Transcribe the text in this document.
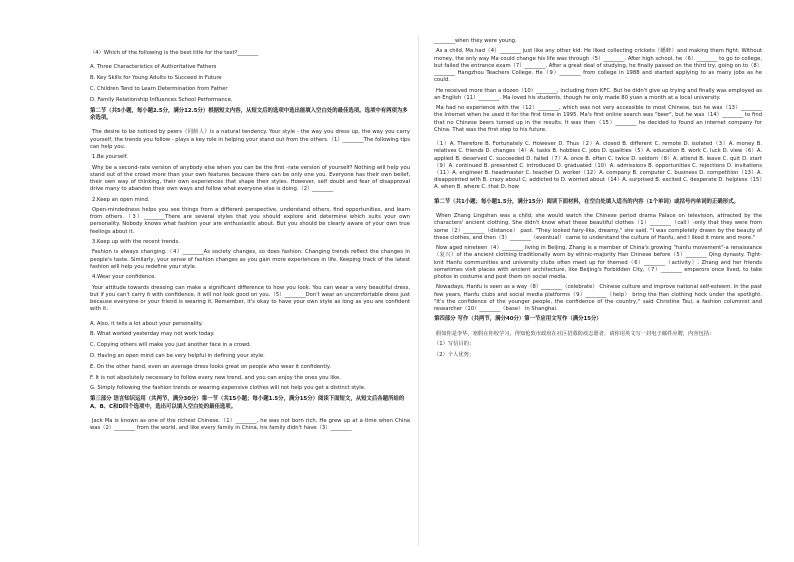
（4）Which of the following is the best title for the text?________

A. Three Characteristics of Authoritative Fathers

B. Key Skills for Young Adults to Succeed in Future

C. Children Tend to Learn Determination from Father

D. Family Relationship Influences School Performance．

第二节（共5小题，每小题2.5分，满分12.5分）根据短文内容，从短文后的选项中选出能填入空白处的最佳选项。选项中有两项为多余选项。

The desire to be noticed by peers（同龄人）is a natural tendency. Your style - the way you dress up, the way you carry yourself, the trends you follow - plays a key role in helping your stand out from the others.（1）________The following tips can help you.

1.Be yourself.

Why be a second-rate version of anybody else when you can be the first -rate version of yourself? Nothing will help you stand out of the crowd more than your own features because there can be only one you. Everyone has their own belief, their own way of thinking, their own experiences that shape their styles. However, self doubt and fear of disapproval drive many to abandon their own ways and follow what everyone else is doing.（2）________

2.Keep an open mind.

Open-mindedness helps you see things from a different perspective, understand others, find opportunities, and learn from others.（3）________There are several styles that you should explore and determine which suits your own personality. Nobody knows what fashion your are enthusiastic about. But you should be clearly aware of your own true feelings about it.

3.Keep up with the recent trends.

Fashion is always changing.（4）________As society changes, so does fashion. Changing trends reflect the changes in people's taste. Similarly, your sense of fashion changes as you gain more experiences in life. Keeping track of the latest fashion will help you redefine your style.

4.Wear your confidence.

Your attitude towards dressing can make a significant difference to how you look. You can wear a very beautiful dress, but if you can't carry it with confidence, it will not look good on you.（5）________Don't wear an uncomfortable dress just because everyone or your friend is wearing it. Remember, it's okay to have your own style as long as you are confident with it.

A. Also, it tells a lot about your personality.

B. What worked yesterday may not work today.

C. Copying others will make you just another face in a crowd.

D. Having an open mind can be very helpful in defining your style.

E. On the other hand, even an average dress looks great on people who wear it confidently.

F. It is not absolutely necessary to follow every new trend, and you can enjoy the ones you like.

G. Simply following the fashion trends or wearing expensive clothes will not help you get a distinct style.

第三部分 语言知识运用（共两节，满分30分）第一节（共15小题；每小题1.5分，满分15分）阅读下面短文，从短文后各题所给的A、B、C和D四个选项中，选出可以填入空白处的最佳选项。

Jack Ma is known as one of the richest Chinese.（1）________, he was not born rich. He grew up at a time when China was（2）________ from the world, and like every family in China, his family didn't have（3）________

________when they were young.

As a child, Ma had（4）________ just like any other kid. He liked collecting crickets（蟋蟀）and making them fight. Without money, the only way Ma could change his life was through（5）________. After high school, he（6）________ to go to college, but failed the entrance exam（7）________. After a great deal of studying, he finally passed on the third try, going on to（8）________ Hangzhou Teachers College. He（9）________ from college in 1988 and started applying to as many jobs as he could.

He received more than a dozen（10）________, including from KFC. But he didn't give up trying and finally was employed as an English（11）________. Ma loved his students, though he only made 80 yuan a month at a local university.

Ma had no experience with the（12）________, which was not very accessible to most Chinese, but he was（13）________ the Internet when he used it for the first time in 1995. Ma's first online search was "beer", but he was（14）________ to find that no Chinese beers turned up in the results. It was then（15）________ he decided to found an internet company for China. That was the first step to his future.

（1）A. Therefore B. Fortunately C. However D. Thus（2）A. closed B. different C. remote D. isolated（3）A. money B. relatives C. friends D. changes（4）A. tasks B. hobbies C. jobs D. qualities（5）A. education B. work C. luck D. view（6）A. applied B. deserved C. succeeded D. failed（7）A. once B. often C. twice D. seldom（8）A. attend B. leave C. quit D. start（9）A. continued B. presented C. introduced D. graduated（10）A. admissions B. opportunities C. rejections D. invitations（11）A. engineer B. headmaster C. teacher D. worker（12）A. company B. computer C. business D. competition（13）A. disappointed with B. crazy about C. addicted to D. worried about（14）A. surprised B. excited C. desperate D. helpless（15）A. when B. where C. that D. how

第二节（共1小题；每小题1.5分，满分15分）阅读下面材料，在空白处填入适当的内容（1个单词）或括号内单词的正确形式。

When Zhang Lingshan was a child, she would watch the Chinese period drama Palace on television, attracted by the characters' ancient clothing. She didn't know what these beautiful clothes（1）________（call）-only that they were from some（2）________（distance） past. "They looked fairy-like, dreamy," she said. "I was completely drawn by the beauty of these clothes, and then（3）________（eventual） came to understand the culture of Hanfu, and I liked it more and more."

Now aged nineteen（4）________ living in Beijing, Zhang is a member of China's growing "hanfu movement"-a renaissance（复兴）of the ancient clothing traditionally worn by ethnic-majority Han Chinese before（5）________ Qing dynasty. Tight-knit Hanfu communities and university clubs often meet up for themed（6）________（activity）. Zhang and her friends sometimes visit places with ancient architecture, like Beijing's Forbidden City,（7）________ emperors once lived, to take photos in costume and post them on social media.

Nowadays, Hanfu is seen as a way（8）________（celebrate） Chinese culture and improve national self-esteem. In the past few years, Hanfu clubs and social media platforms（9）________（help） bring the Han clothing hock under the spotlight. "It's the confidence of the younger people, the confidence of the country," said Christine Tsui, a fashion columnist and researcher（10）________（base） in Shanghai.

第四部分 写作（共两节，满分40分）第一节应用文写作（满分15分）

假如你是李华，寒假在你校学习，得知伦敦市政府在社区招募防疫志愿者，请你用英文写一封电子邮件应聘，内容包括：

（1）写信目的；

（2）个人优势；
